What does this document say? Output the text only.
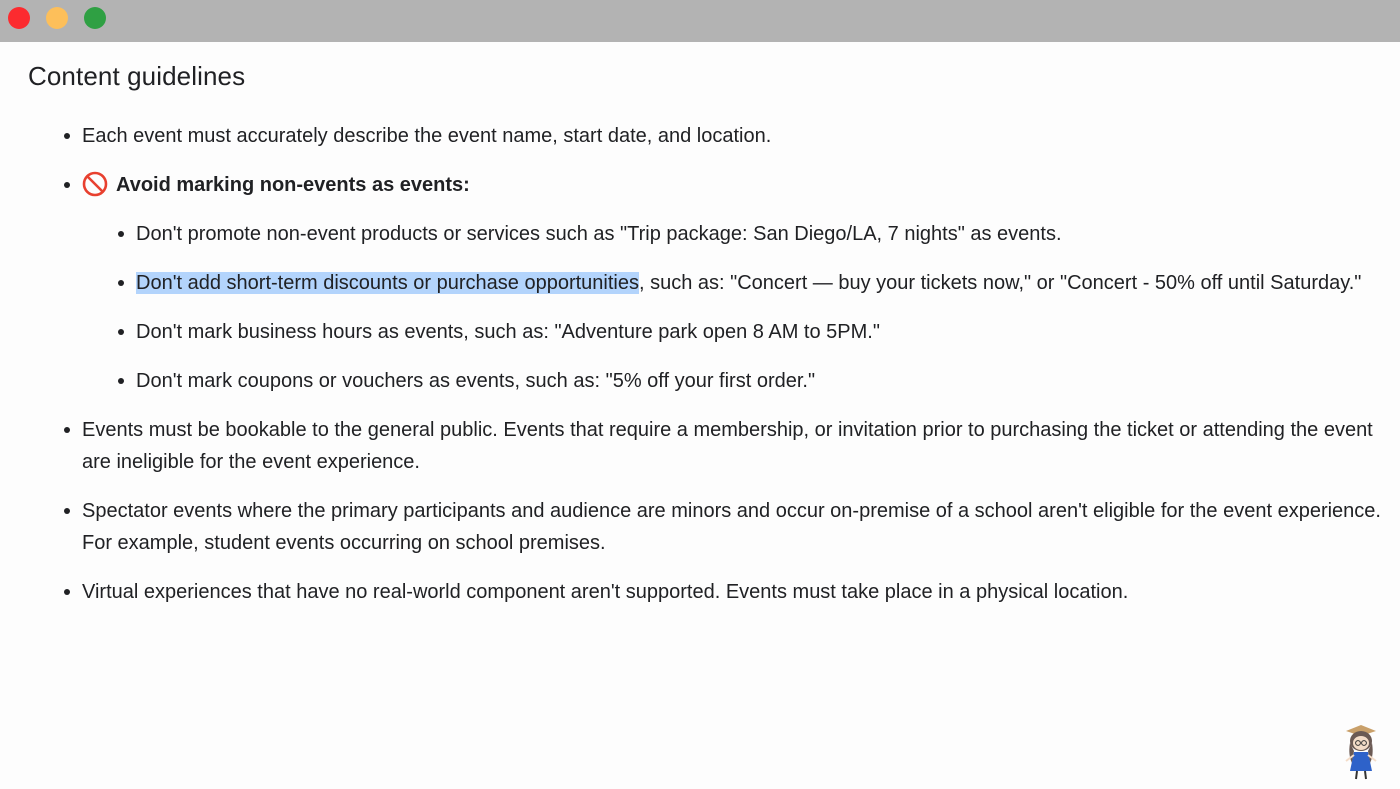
Content guidelines
Each event must accurately describe the event name, start date, and location.
Avoid marking non-events as events:
Don't promote non-event products or services such as "Trip package: San Diego/LA, 7 nights" as events.
Don't add short-term discounts or purchase opportunities, such as: "Concert — buy your tickets now," or "Concert - 50% off until Saturday."
Don't mark business hours as events, such as: "Adventure park open 8 AM to 5PM."
Don't mark coupons or vouchers as events, such as: "5% off your first order."
Events must be bookable to the general public. Events that require a membership, or invitation prior to purchasing the ticket or attending the event are ineligible for the event experience.
Spectator events where the primary participants and audience are minors and occur on-premise of a school aren't eligible for the event experience. For example, student events occurring on school premises.
Virtual experiences that have no real-world component aren't supported. Events must take place in a physical location.
